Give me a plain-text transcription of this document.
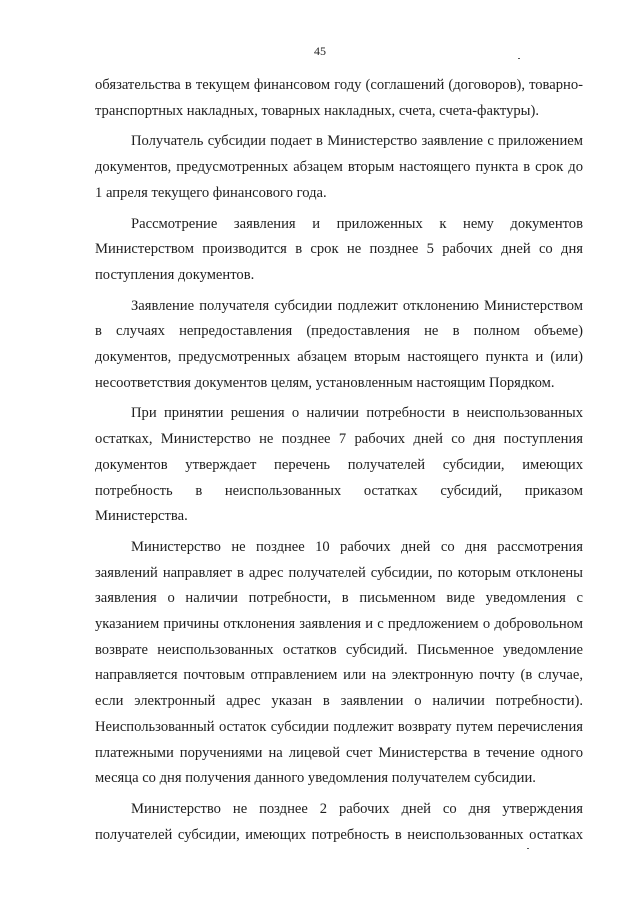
45

обязательства в текущем финансовом году (соглашений (договоров), товарно-транспортных накладных, товарных накладных, счета, счета-фактуры).

Получатель субсидии подает в Министерство заявление с приложением документов, предусмотренных абзацем вторым настоящего пункта в срок до 1 апреля текущего финансового года.

Рассмотрение заявления и приложенных к нему документов Министерством производится в срок не позднее 5 рабочих дней со дня поступления документов.

Заявление получателя субсидии подлежит отклонению Министерством в случаях непредоставления (предоставления не в полном объеме) документов, предусмотренных абзацем вторым настоящего пункта и (или) несоответствия документов целям, установленным настоящим Порядком.

При принятии решения о наличии потребности в неиспользованных остатках, Министерство не позднее 7 рабочих дней со дня поступления документов утверждает перечень получателей субсидии, имеющих потребность в неиспользованных остатках субсидий, приказом Министерства.

Министерство не позднее 10 рабочих дней со дня рассмотрения заявлений направляет в адрес получателей субсидии, по которым отклонены заявления о наличии потребности, в письменном виде уведомления с указанием причины отклонения заявления и с предложением о добровольном возврате неиспользованных остатков субсидий. Письменное уведомление направляется почтовым отправлением или на электронную почту (в случае, если электронный адрес указан в заявлении о наличии потребности). Неиспользованный остаток субсидии подлежит возврату путем перечисления платежными поручениями на лицевой счет Министерства в течение одного месяца со дня получения данного уведомления получателем субсидии.

Министерство не позднее 2 рабочих дней со дня утверждения получателей субсидии, имеющих потребность в неиспользованных остатках
